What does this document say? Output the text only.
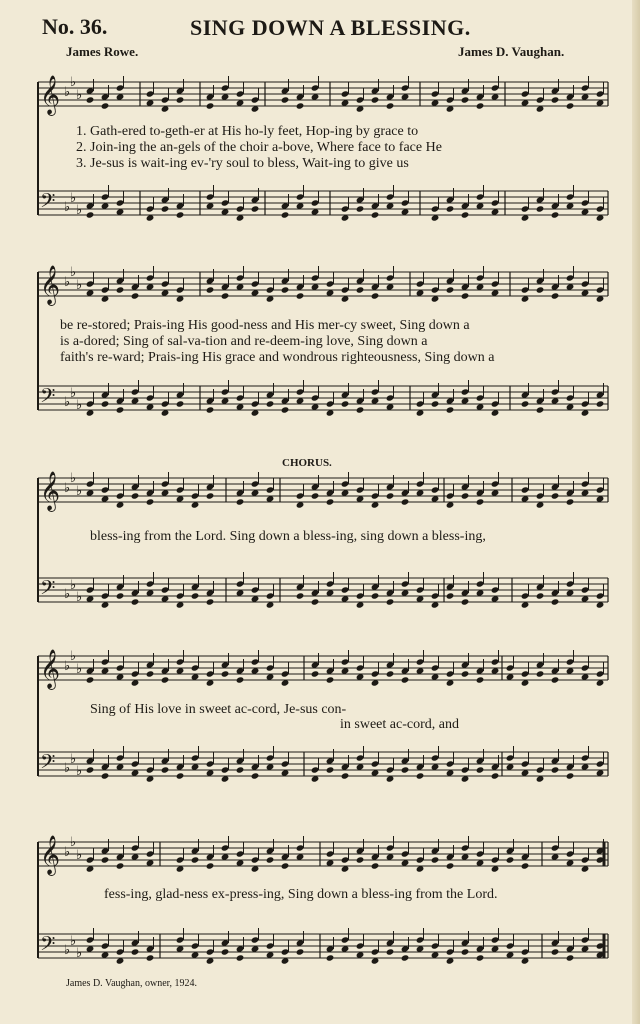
No. 36.	SING DOWN A BLESSING.
James Rowe.	James D. Vaughan.
𝄞 ♭
♭
♭
𝄢 ♭
♭
♭
𝄞 ♭
♭
♭
𝄢 ♭
♭
♭
𝄞 ♭
♭
♭
𝄢 ♭
♭
♭
𝄞 ♭
♭
♭
𝄢 ♭
♭
♭
𝄞 ♭
♭
♭
𝄢 ♭
♭
♭
1. Gath-ered to-geth-er at His ho-ly feet, Hop-ing by grace to
2. Join-ing the an-gels of the choir a-bove, Where face to face He
3. Je-sus is wait-ing ev-'ry soul to bless, Wait-ing to give us
be re-stored; Prais-ing His good-ness and His mer-cy sweet, Sing down a
is a-dored; Sing of sal-va-tion and re-deem-ing love, Sing down a
faith's re-ward; Prais-ing His grace and wondrous righteousness, Sing down a
CHORUS.
bless-ing from the Lord. Sing down a bless-ing, sing down a bless-ing,
Sing of His love in sweet ac-cord, Je-sus con-
in sweet ac-cord, and
fess-ing, glad-ness ex-press-ing, Sing down a bless-ing from the Lord.
James D. Vaughan, owner, 1924.
